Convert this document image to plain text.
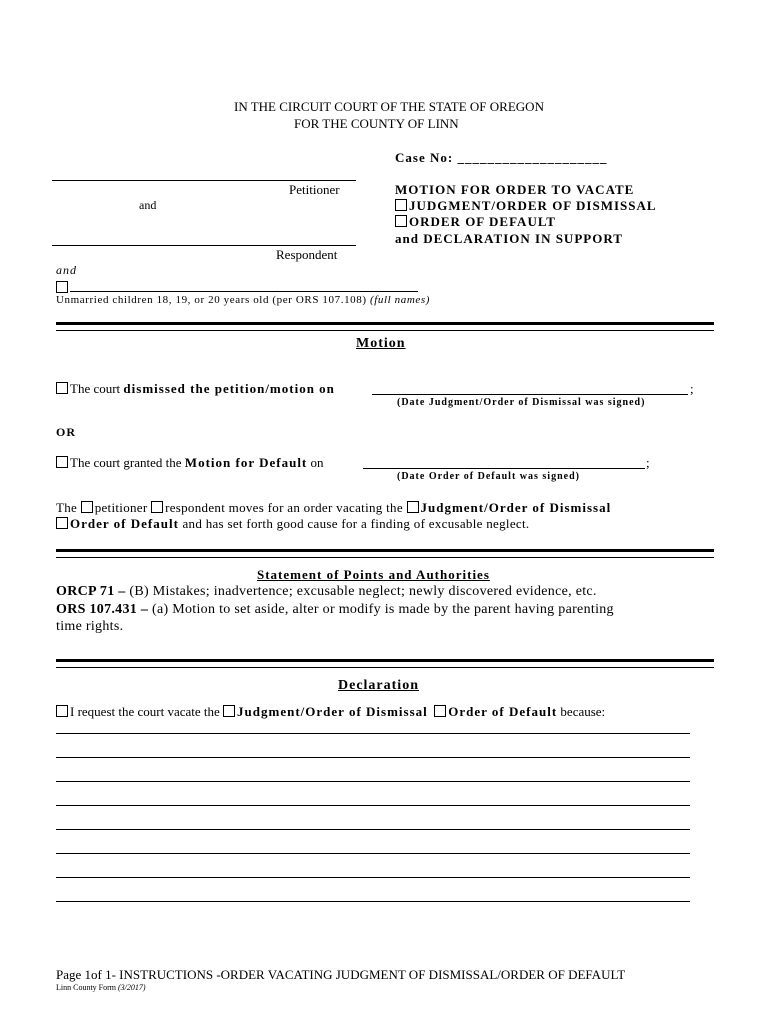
IN THE CIRCUIT COURT OF THE STATE OF OREGON
FOR THE COUNTY OF LINN
Case No: ____________________
Petitioner
and
Respondent
and
Unmarried children 18, 19, or 20 years old (per ORS 107.108) (full names)
MOTION FOR ORDER TO VACATE
JUDGMENT/ORDER OF DISMISSAL
ORDER OF DEFAULT
and DECLARATION IN SUPPORT
Motion
The court dismissed the petition/motion on	;
(Date Judgment/Order of Dismissal was signed)
OR
The court granted the Motion for Default on	;
(Date Order of Default was signed)
The petitioner respondent moves for an order vacating the Judgment/Order of Dismissal
Order of Default and has set forth good cause for a finding of excusable neglect.
Statement of Points and Authorities
ORCP 71 – (B) Mistakes; inadvertence; excusable neglect; newly discovered evidence, etc.
ORS 107.431 – (a) Motion to set aside, alter or modify is made by the parent having parenting
time rights.
Declaration
I request the court vacate the Judgment/Order of Dismissal Order of Default because:
Page 1of 1- INSTRUCTIONS -ORDER VACATING JUDGMENT OF DISMISSAL/ORDER OF DEFAULT
Linn County Form (3/2017)
